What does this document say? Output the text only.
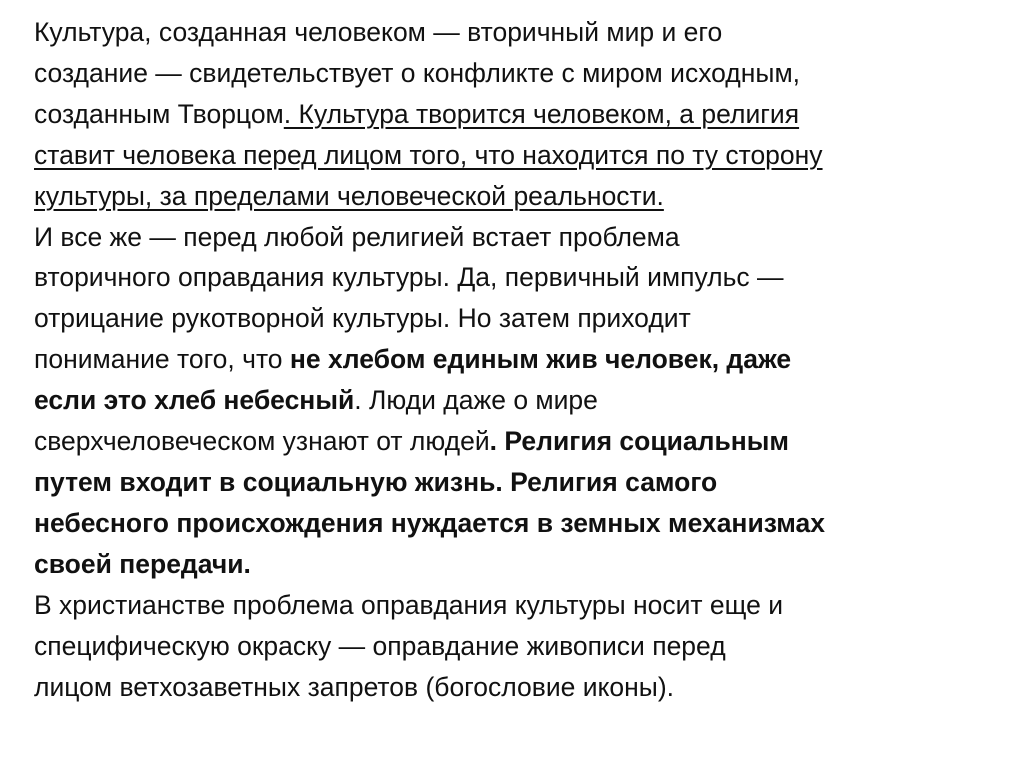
Культура, созданная человеком — вторичный мир и его
создание — свидетельствует о конфликте с миром исходным,
созданным Творцом. Культура творится человеком, а религия
ставит человека перед лицом того, что находится по ту сторону
культуры, за пределами человеческой реальности.
И все же — перед любой религией встает проблема
вторичного оправдания культуры. Да, первичный импульс —
отрицание рукотворной культуры. Но затем приходит
понимание того, что не хлебом единым жив человек, даже
если это хлеб небесный. Люди даже о мире
сверхчеловеческом узнают от людей. Религия социальным
путем входит в социальную жизнь. Религия самого
небесного происхождения нуждается в земных механизмах
своей передачи.
В христианстве проблема оправдания культуры носит еще и
специфическую окраску — оправдание живописи перед
лицом ветхозаветных запретов (богословие иконы).
